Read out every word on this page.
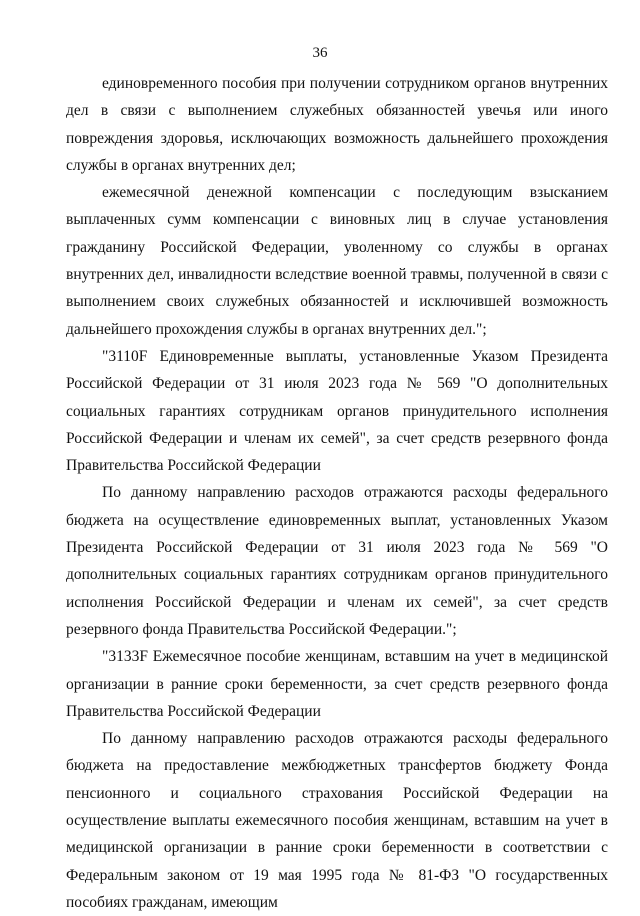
36

единовременного пособия при получении сотрудником органов внутренних дел в связи с выполнением служебных обязанностей увечья или иного повреждения здоровья, исключающих возможность дальнейшего прохождения службы в органах внутренних дел;

ежемесячной денежной компенсации с последующим взысканием выплаченных сумм компенсации с виновных лиц в случае установления гражданину Российской Федерации, уволенному со службы в органах внутренних дел, инвалидности вследствие военной травмы, полученной в связи с выполнением своих служебных обязанностей и исключившей возможность дальнейшего прохождения службы в органах внутренних дел.";

"3110F Единовременные выплаты, установленные Указом Президента Российской Федерации от 31 июля 2023 года № 569 "О дополнительных социальных гарантиях сотрудникам органов принудительного исполнения Российской Федерации и членам их семей", за счет средств резервного фонда Правительства Российской Федерации

По данному направлению расходов отражаются расходы федерального бюджета на осуществление единовременных выплат, установленных Указом Президента Российской Федерации от 31 июля 2023 года № 569 "О дополнительных социальных гарантиях сотрудникам органов принудительного исполнения Российской Федерации и членам их семей", за счет средств резервного фонда Правительства Российской Федерации.";

"3133F Ежемесячное пособие женщинам, вставшим на учет в медицинской организации в ранние сроки беременности, за счет средств резервного фонда Правительства Российской Федерации

По данному направлению расходов отражаются расходы федерального бюджета на предоставление межбюджетных трансфертов бюджету Фонда пенсионного и социального страхования Российской Федерации на осуществление выплаты ежемесячного пособия женщинам, вставшим на учет в медицинской организации в ранние сроки беременности в соответствии с Федеральным законом от 19 мая 1995 года № 81-ФЗ "О государственных пособиях гражданам, имеющим
